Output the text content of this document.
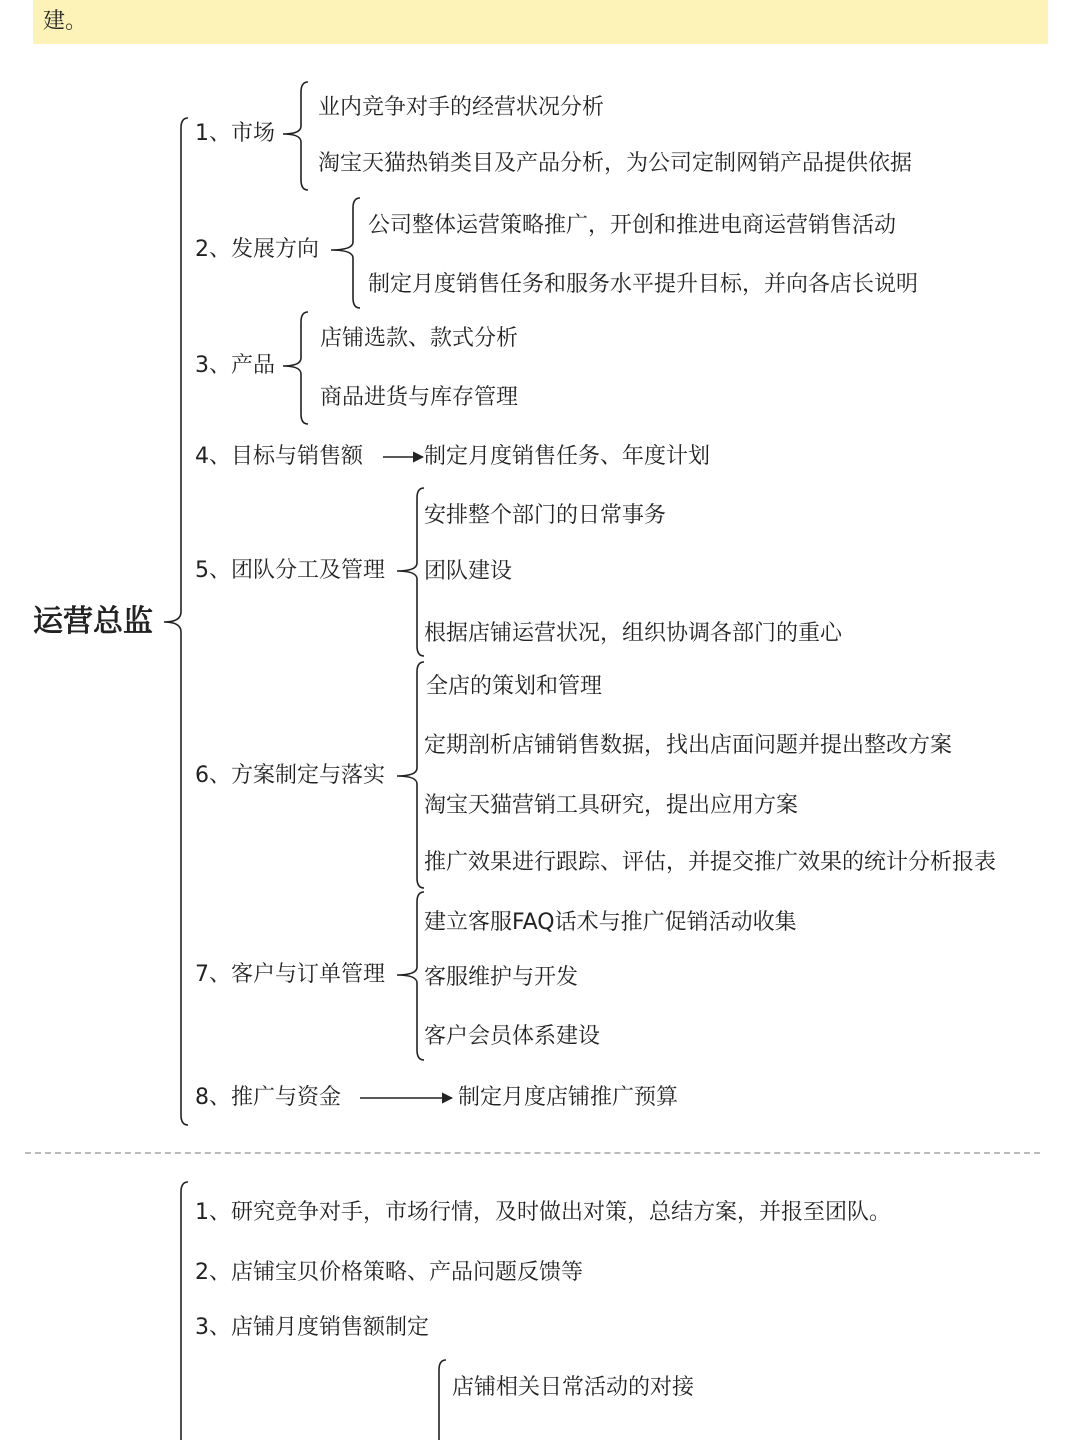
建。
运营总监
1、市场
业内竞争对手的经营状况分析
淘宝天猫热销类目及产品分析，为公司定制网销产品提供依据
2、发展方向
公司整体运营策略推广，开创和推进电商运营销售活动
制定月度销售任务和服务水平提升目标，并向各店长说明
3、产品
店铺选款、款式分析
商品进货与库存管理
4、目标与销售额	制定月度销售任务、年度计划
5、团队分工及管理
安排整个部门的日常事务
团队建设
根据店铺运营状况，组织协调各部门的重心
6、方案制定与落实
全店的策划和管理
定期剖析店铺销售数据，找出店面问题并提出整改方案
淘宝天猫营销工具研究，提出应用方案
推广效果进行跟踪、评估，并提交推广效果的统计分析报表
7、客户与订单管理
建立客服FAQ话术与推广促销活动收集
客服维护与开发
客户会员体系建设
8、推广与资金	制定月度店铺推广预算
1、研究竞争对手，市场行情，及时做出对策，总结方案，并报至团队。
2、店铺宝贝价格策略、产品问题反馈等
3、店铺月度销售额制定
店铺相关日常活动的对接
